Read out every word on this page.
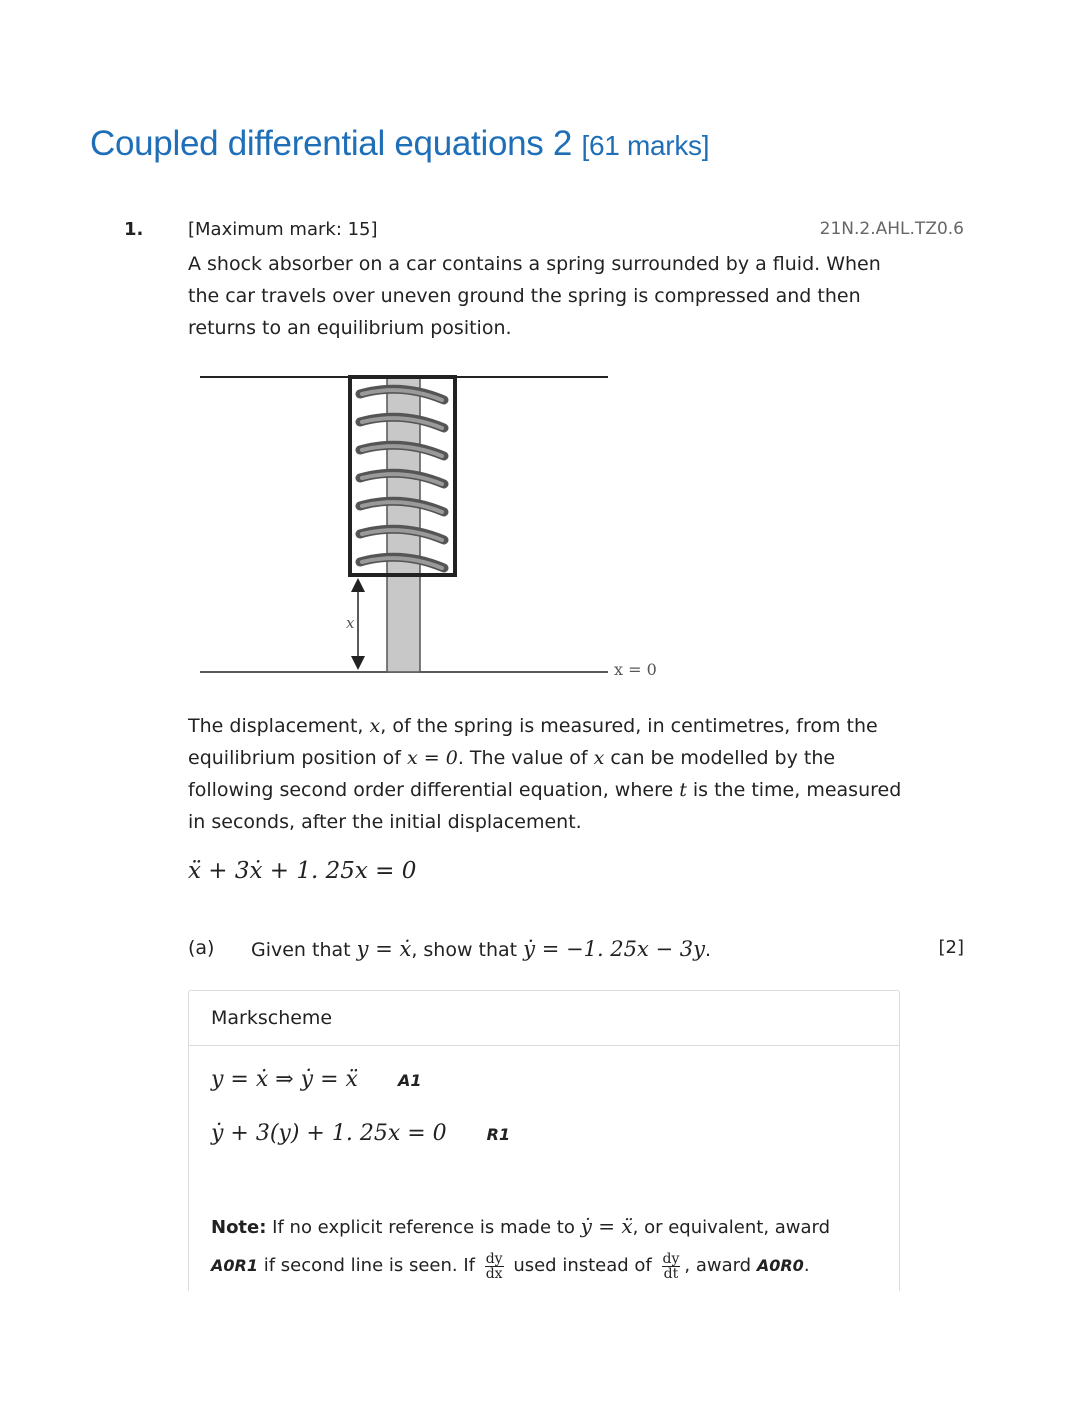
Coupled differential equations 2 [61 marks]
1. [Maximum mark: 15]	21N.2.AHL.TZ0.6
A shock absorber on a car contains a spring surrounded by a fluid. When the car travels over uneven ground the spring is compressed and then returns to an equilibrium position.
x
x = 0
The displacement, x, of the spring is measured, in centimetres, from the equilibrium position of x = 0. The value of x can be modelled by the following second order differential equation, where t is the time, measured in seconds, after the initial displacement.
ẍ + 3ẋ + 1. 25x = 0
(a) Given that y = ẋ, show that ẏ = −1. 25x − 3y.	[2]
Markscheme
y = ẋ ⇒ ẏ = ẍ	A1
ẏ + 3(y) + 1. 25x = 0	R1
Note: If no explicit reference is made to ẏ = ẍ, or equivalent, award A0R1 if second line is seen. If $\frac{dy}{dx}$ used instead of $\frac{dy}{dt}$ , award A0R0.
